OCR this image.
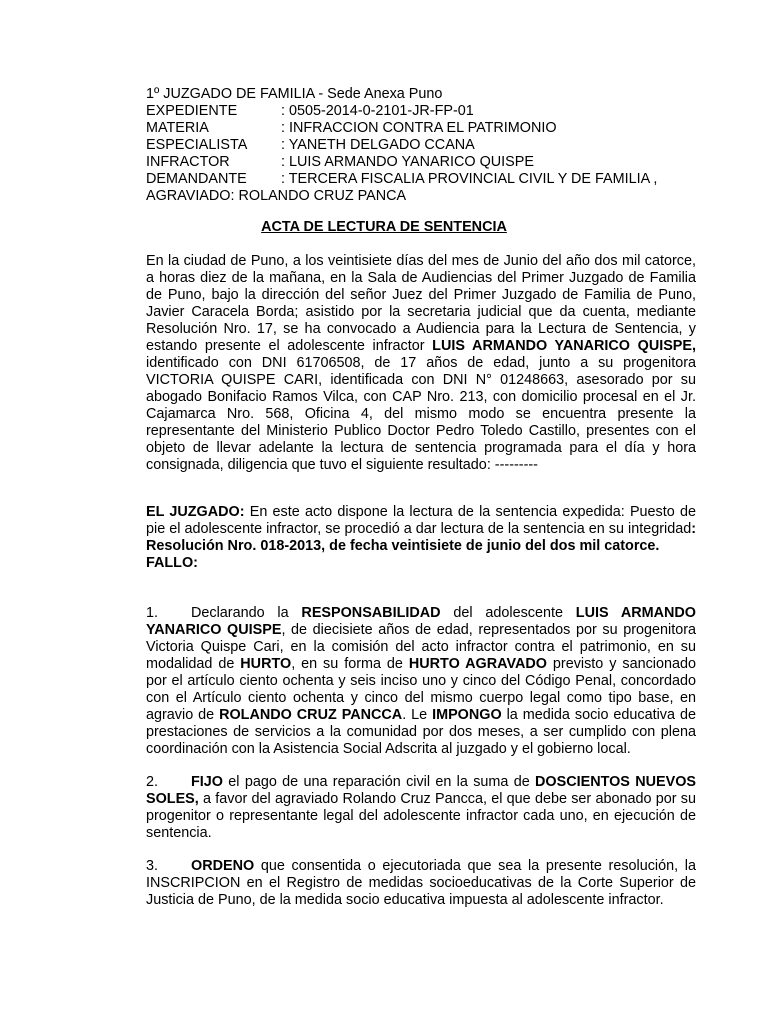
1º JUZGADO DE FAMILIA - Sede Anexa Puno
EXPEDIENTE	: 0505-2014-0-2101-JR-FP-01
MATERIA	: INFRACCION CONTRA EL PATRIMONIO
ESPECIALISTA	: YANETH DELGADO CCANA
INFRACTOR	: LUIS ARMANDO YANARICO QUISPE
DEMANDANTE	: TERCERA FISCALIA PROVINCIAL CIVIL Y DE FAMILIA ,
AGRAVIADO: ROLANDO CRUZ PANCA
ACTA DE LECTURA DE SENTENCIA

En la ciudad de Puno, a los veintisiete días del mes de Junio del año dos mil catorce, a horas diez de la mañana, en la Sala de Audiencias del Primer Juzgado de Familia de Puno, bajo la dirección del señor Juez del Primer Juzgado de Familia de Puno, Javier Caracela Borda; asistido por la secretaria judicial que da cuenta, mediante Resolución Nro. 17, se ha convocado a Audiencia para la Lectura de Sentencia, y estando presente el adolescente infractor LUIS ARMANDO YANARICO QUISPE, identificado con DNI 61706508, de 17 años de edad, junto a su progenitora VICTORIA QUISPE CARI, identificada con DNI N° 01248663, asesorado por su abogado Bonifacio Ramos Vilca, con CAP Nro. 213, con domicilio procesal en el Jr. Cajamarca Nro. 568, Oficina 4, del mismo modo se encuentra presente la representante del Ministerio Publico Doctor Pedro Toledo Castillo, presentes con el objeto de llevar adelante la lectura de sentencia programada para el día y hora consignada, diligencia que tuvo el siguiente resultado: ---------

EL JUZGADO: En este acto dispone la lectura de la sentencia expedida: Puesto de pie el adolescente infractor, se procedió a dar lectura de la sentencia en su integridad: Resolución Nro. 018-2013, de fecha veintisiete de junio del dos mil catorce.

FALLO:

1. Declarando la RESPONSABILIDAD del adolescente LUIS ARMANDO YANARICO QUISPE, de diecisiete años de edad, representados por su progenitora Victoria Quispe Cari, en la comisión del acto infractor contra el patrimonio, en su modalidad de HURTO, en su forma de HURTO AGRAVADO previsto y sancionado por el artículo ciento ochenta y seis inciso uno y cinco del Código Penal, concordado con el Artículo ciento ochenta y cinco del mismo cuerpo legal como tipo base, en agravio de ROLANDO CRUZ PANCCA. Le IMPONGO la medida socio educativa de prestaciones de servicios a la comunidad por dos meses, a ser cumplido con plena coordinación con la Asistencia Social Adscrita al juzgado y el gobierno local.

2. FIJO el pago de una reparación civil en la suma de DOSCIENTOS NUEVOS SOLES, a favor del agraviado Rolando Cruz Pancca, el que debe ser abonado por su progenitor o representante legal del adolescente infractor cada uno, en ejecución de sentencia.

3. ORDENO que consentida o ejecutoriada que sea la presente resolución, la INSCRIPCION en el Registro de medidas socioeducativas de la Corte Superior de Justicia de Puno, de la medida socio educativa impuesta al adolescente infractor.
